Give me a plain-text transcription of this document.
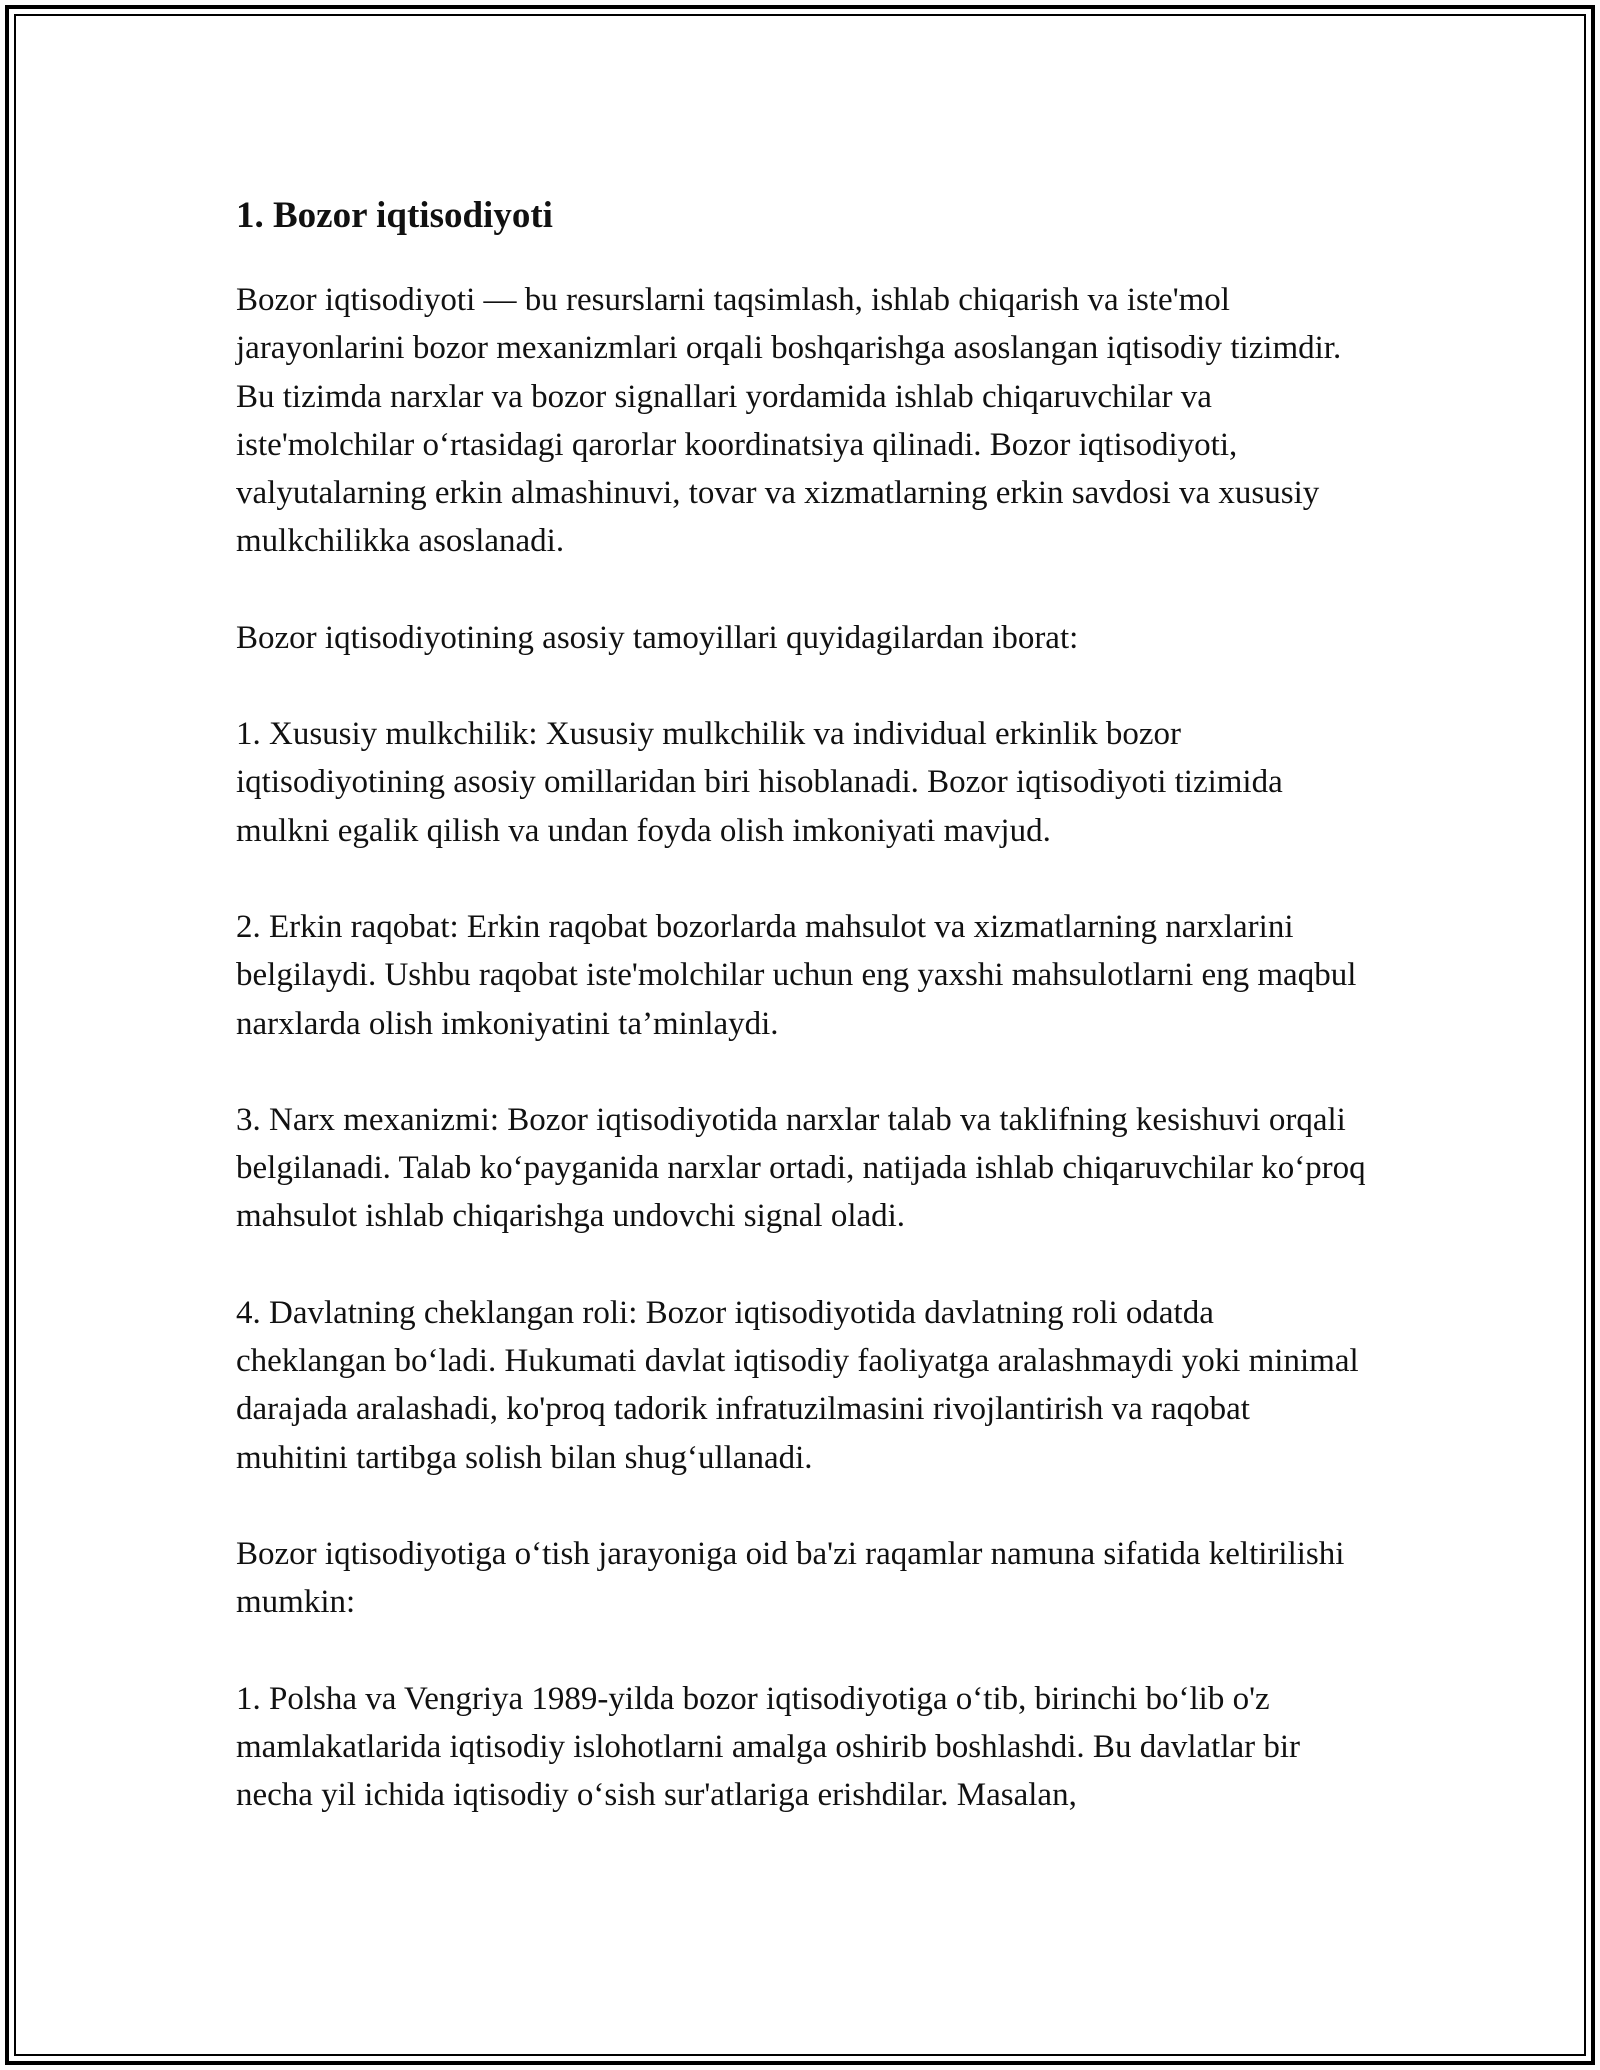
1. Bozor iqtisodiyoti

Bozor iqtisodiyoti — bu resurslarni taqsimlash, ishlab chiqarish va iste'mol jarayonlarini bozor mexanizmlari orqali boshqarishga asoslangan iqtisodiy tizimdir. Bu tizimda narxlar va bozor signallari yordamida ishlab chiqaruvchilar va iste'molchilar o‘rtasidagi qarorlar koordinatsiya qilinadi. Bozor iqtisodiyoti, valyutalarning erkin almashinuvi, tovar va xizmatlarning erkin savdosi va xususiy mulkchilikka asoslanadi.

Bozor iqtisodiyotining asosiy tamoyillari quyidagilardan iborat:

1. Xususiy mulkchilik: Xususiy mulkchilik va individual erkinlik bozor iqtisodiyotining asosiy omillaridan biri hisoblanadi. Bozor iqtisodiyoti tizimida mulkni egalik qilish va undan foyda olish imkoniyati mavjud.

2. Erkin raqobat: Erkin raqobat bozorlarda mahsulot va xizmatlarning narxlarini belgilaydi. Ushbu raqobat iste'molchilar uchun eng yaxshi mahsulotlarni eng maqbul narxlarda olish imkoniyatini ta’minlaydi.

3. Narx mexanizmi: Bozor iqtisodiyotida narxlar talab va taklifning kesishuvi orqali belgilanadi. Talab ko‘payganida narxlar ortadi, natijada ishlab chiqaruvchilar ko‘proq mahsulot ishlab chiqarishga undovchi signal oladi.

4. Davlatning cheklangan roli: Bozor iqtisodiyotida davlatning roli odatda cheklangan bo‘ladi. Hukumati davlat iqtisodiy faoliyatga aralashmaydi yoki minimal darajada aralashadi, ko'proq tadorik infratuzilmasini rivojlantirish va raqobat muhitini tartibga solish bilan shug‘ullanadi.

Bozor iqtisodiyotiga o‘tish jarayoniga oid ba'zi raqamlar namuna sifatida keltirilishi mumkin:

1. Polsha va Vengriya 1989-yilda bozor iqtisodiyotiga o‘tib, birinchi bo‘lib o'z mamlakatlarida iqtisodiy islohotlarni amalga oshirib boshlashdi. Bu davlatlar bir necha yil ichida iqtisodiy o‘sish sur'atlariga erishdilar. Masalan,
